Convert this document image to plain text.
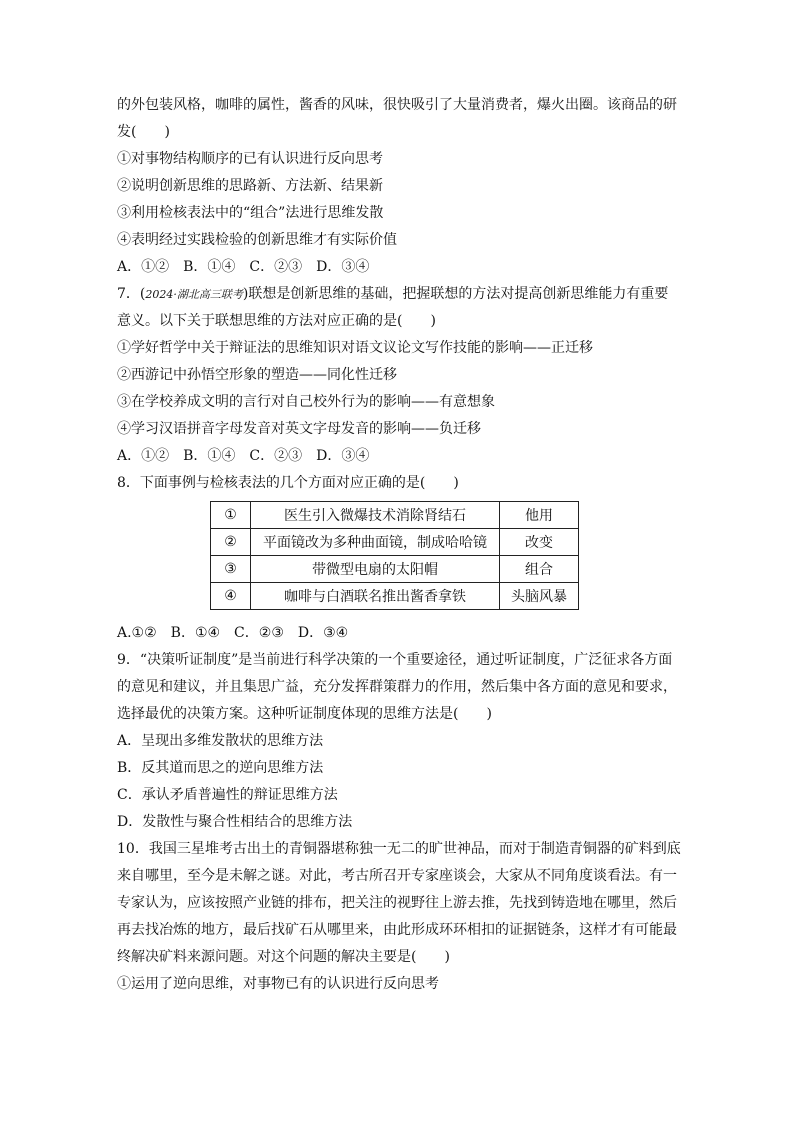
的外包装风格，咖啡的属性，酱香的风味，很快吸引了大量消费者，爆火出圈。该商品的研
发(　　)
①对事物结构顺序的已有认识进行反向思考
②说明创新思维的思路新、方法新、结果新
③利用检核表法中的“组合”法进行思维发散
④表明经过实践检验的创新思维才有实际价值
A．①②　B．①④　C．②③　D．③④
7．(2024·湖北高三联考)联想是创新思维的基础，把握联想的方法对提高创新思维能力有重要
意义。以下关于联想思维的方法对应正确的是(　　)
①学好哲学中关于辩证法的思维知识对语文议论文写作技能的影响——正迁移
②西游记中孙悟空形象的塑造——同化性迁移
③在学校养成文明的言行对自己校外行为的影响——有意想象
④学习汉语拼音字母发音对英文字母发音的影响——负迁移
A．①②　B．①④　C．②③　D．③④
8．下面事例与检核表法的几个方面对应正确的是(　　)
①	医生引入微爆技术消除肾结石	他用
②	平面镜改为多种曲面镜，制成哈哈镜	改变
③	带微型电扇的太阳帽	组合
④	咖啡与白酒联名推出酱香拿铁	头脑风暴
A.①②　B．①④　C．②③　D．③④
9．“决策听证制度”是当前进行科学决策的一个重要途径，通过听证制度，广泛征求各方面
的意见和建议，并且集思广益，充分发挥群策群力的作用，然后集中各方面的意见和要求，
选择最优的决策方案。这种听证制度体现的思维方法是(　　)
A．呈现出多维发散状的思维方法
B．反其道而思之的逆向思维方法
C．承认矛盾普遍性的辩证思维方法
D．发散性与聚合性相结合的思维方法
10．我国三星堆考古出土的青铜器堪称独一无二的旷世神品，而对于制造青铜器的矿料到底
来自哪里，至今是未解之谜。对此，考古所召开专家座谈会，大家从不同角度谈看法。有一
专家认为，应该按照产业链的排布，把关注的视野往上游去推，先找到铸造地在哪里，然后
再去找冶炼的地方，最后找矿石从哪里来，由此形成环环相扣的证据链条，这样才有可能最
终解决矿料来源问题。对这个问题的解决主要是(　　)
①运用了逆向思维，对事物已有的认识进行反向思考
